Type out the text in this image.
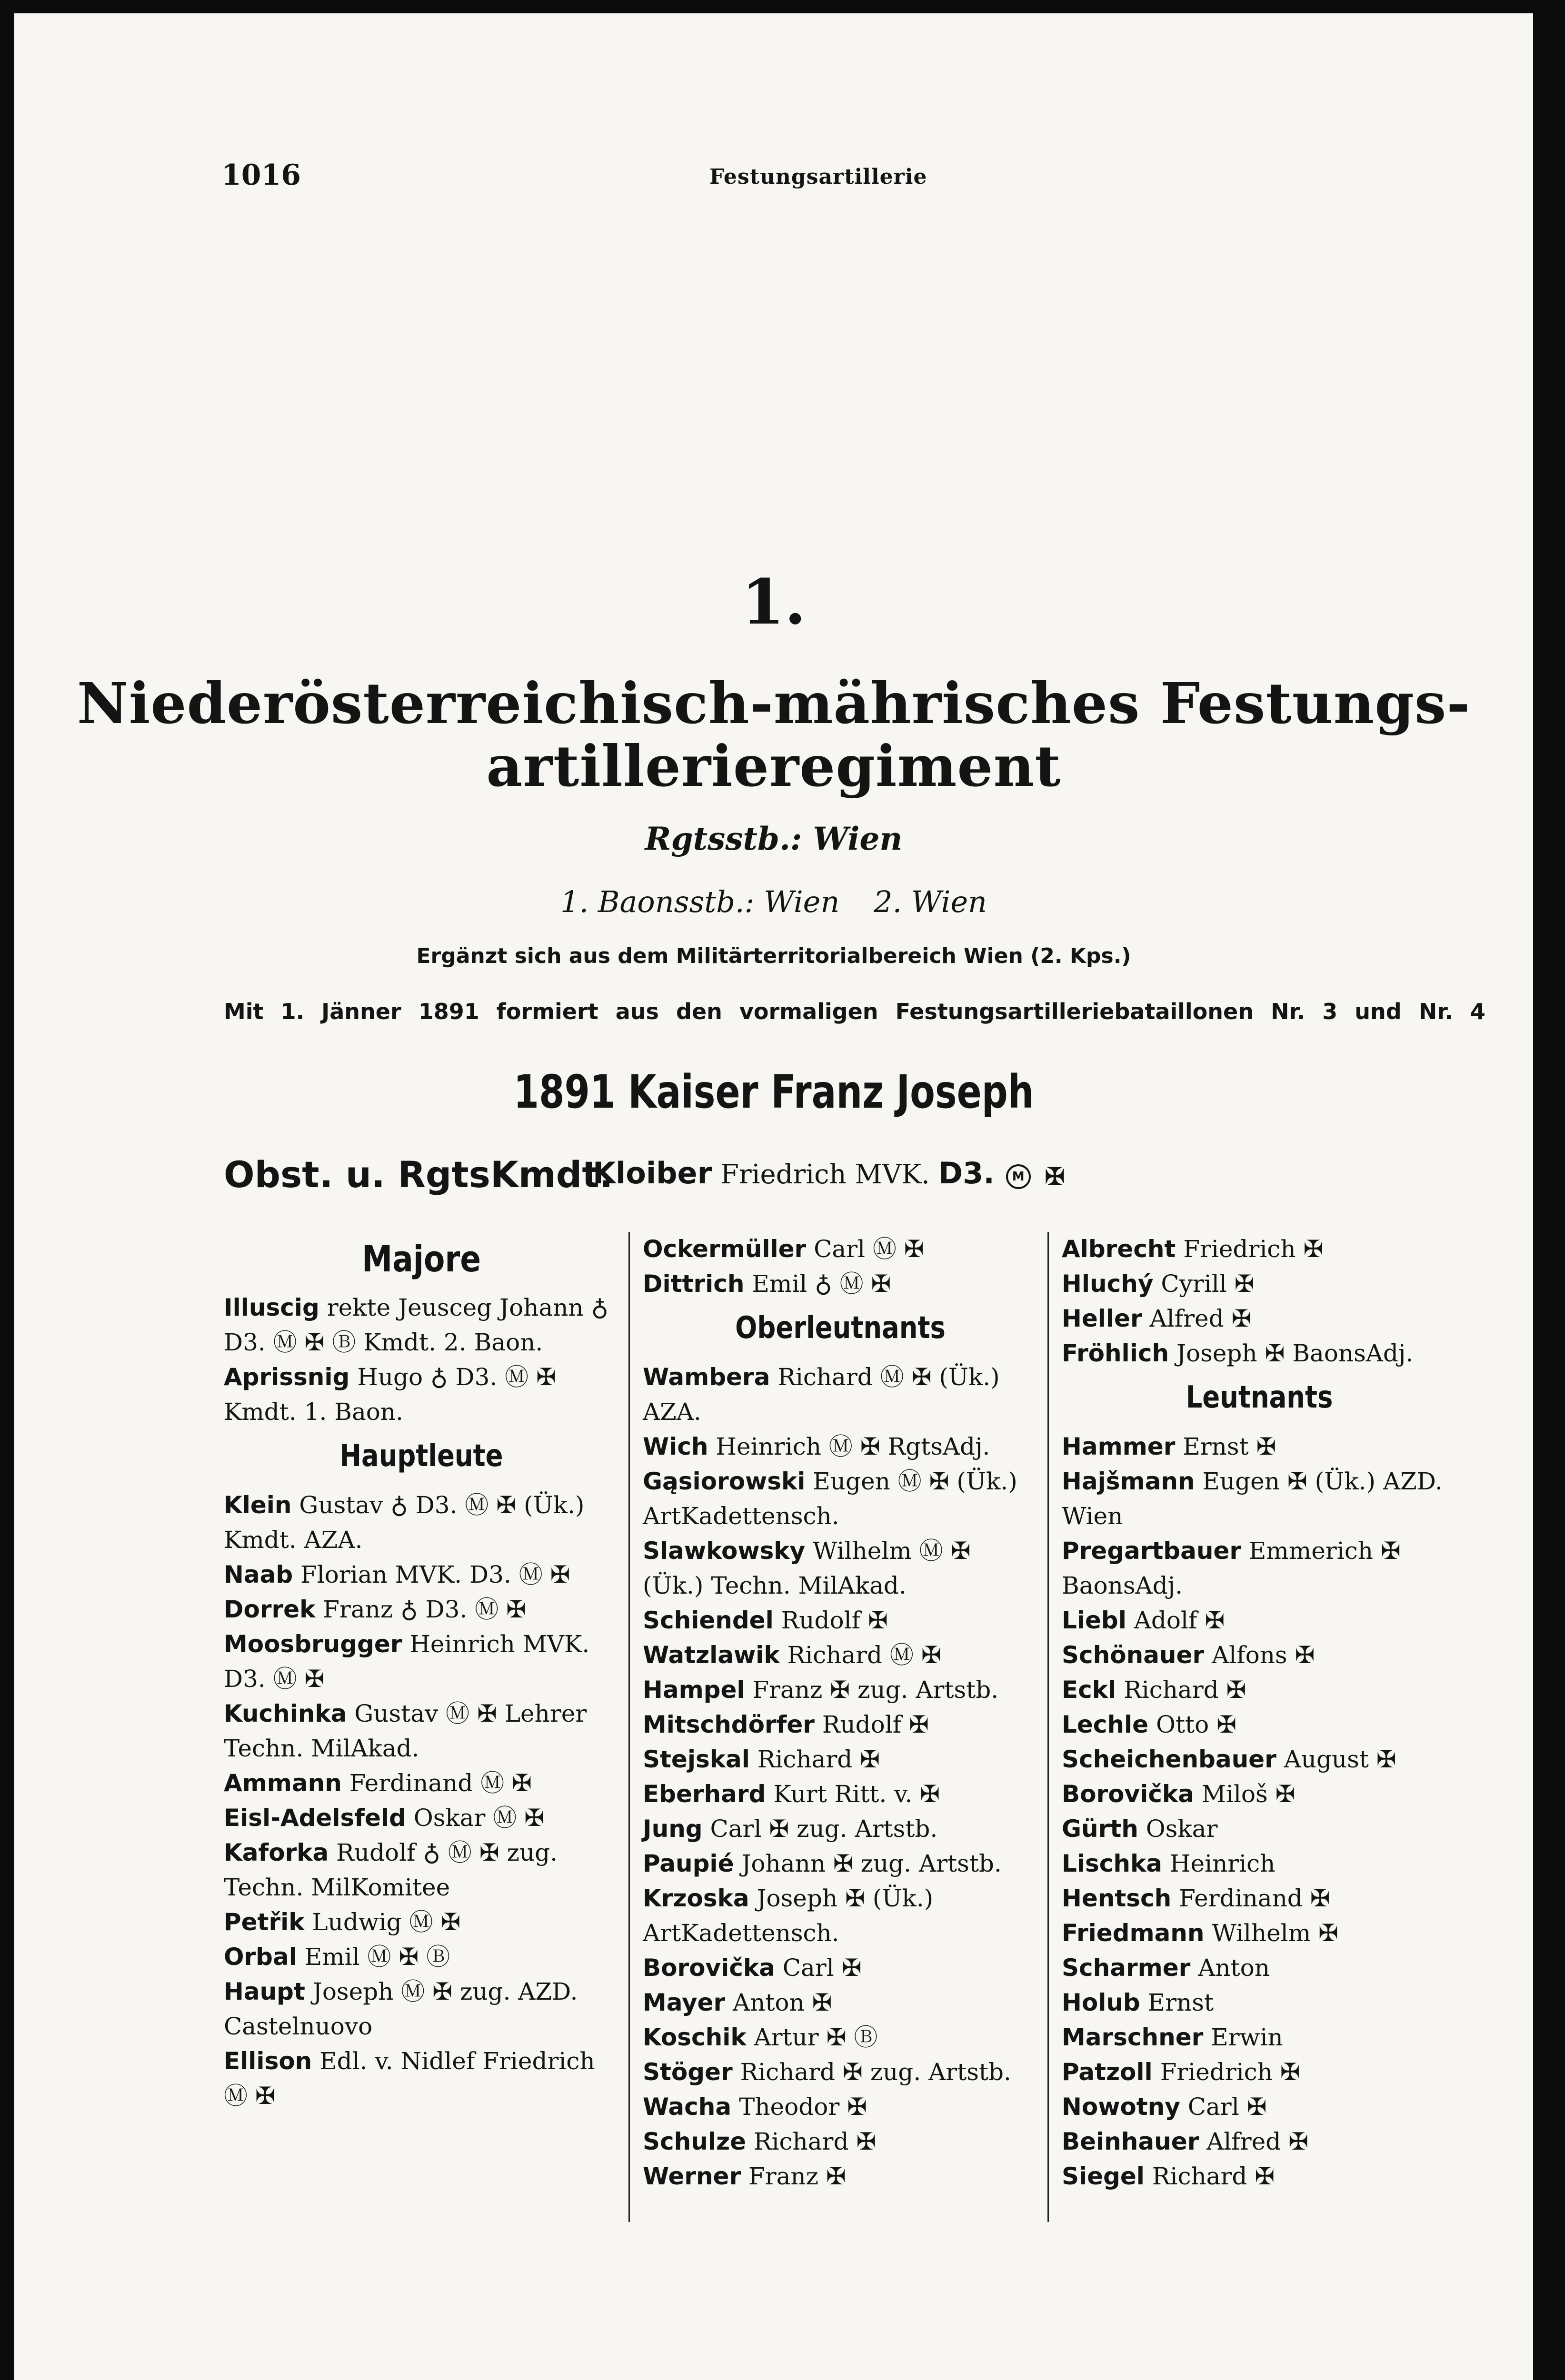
1016	Festungsartillerie
1.
Niederösterreichisch-mährisches Festungs-
artillerieregiment
Rgtsstb.: Wien
1. Baonsstb.: Wien 2. Wien
Ergänzt sich aus dem Militärterritorialbereich Wien (2. Kps.)
Mit 1. Jänner 1891 formiert aus den vormaligen Festungsartilleriebataillonen Nr. 3 und Nr. 4
1891 Kaiser Franz Joseph
Obst. u. RgtsKmdt.
Kloiber Friedrich MVK. D3. M ✠
Majore
Illuscig rekte Jeusceg Johann ♁ D3. Ⓜ ✠ Ⓑ Kmdt. 2. Baon.
Aprissnig Hugo ♁ D3. Ⓜ ✠ Kmdt. 1. Baon.
Hauptleute
Klein Gustav ♁ D3. Ⓜ ✠ (Ük.) Kmdt. AZA.
Naab Florian MVK. D3. Ⓜ ✠
Dorrek Franz ♁ D3. Ⓜ ✠
Moosbrugger Heinrich MVK. D3. Ⓜ ✠
Kuchinka Gustav Ⓜ ✠ Lehrer Techn. MilAkad.
Ammann Ferdinand Ⓜ ✠
Eisl-Adelsfeld Oskar Ⓜ ✠
Kaforka Rudolf ♁ Ⓜ ✠ zug. Techn. MilKomitee
Petřik Ludwig Ⓜ ✠
Orbal Emil Ⓜ ✠ Ⓑ
Haupt Joseph Ⓜ ✠ zug. AZD. Castelnuovo
Ellison Edl. v. Nidlef Friedrich Ⓜ ✠
Ockermüller Carl Ⓜ ✠
Dittrich Emil ♁ Ⓜ ✠
Oberleutnants
Wambera Richard Ⓜ ✠ (Ük.) AZA.
Wich Heinrich Ⓜ ✠ RgtsAdj.
Gąsiorowski Eugen Ⓜ ✠ (Ük.) ArtKadettensch.
Slawkowsky Wilhelm Ⓜ ✠ (Ük.) Techn. MilAkad.
Schiendel Rudolf ✠
Watzlawik Richard Ⓜ ✠
Hampel Franz ✠ zug. Artstb.
Mitschdörfer Rudolf ✠
Stejskal Richard ✠
Eberhard Kurt Ritt. v. ✠
Jung Carl ✠ zug. Artstb.
Paupié Johann ✠ zug. Artstb.
Krzoska Joseph ✠ (Ük.) ArtKadettensch.
Borovička Carl ✠
Mayer Anton ✠
Koschik Artur ✠ Ⓑ
Stöger Richard ✠ zug. Artstb.
Wacha Theodor ✠
Schulze Richard ✠
Werner Franz ✠
Albrecht Friedrich ✠
Hluchý Cyrill ✠
Heller Alfred ✠
Fröhlich Joseph ✠ BaonsAdj.
Leutnants
Hammer Ernst ✠
Hajšmann Eugen ✠ (Ük.) AZD. Wien
Pregartbauer Emmerich ✠ BaonsAdj.
Liebl Adolf ✠
Schönauer Alfons ✠
Eckl Richard ✠
Lechle Otto ✠
Scheichenbauer August ✠
Borovička Miloš ✠
Gürth Oskar
Lischka Heinrich
Hentsch Ferdinand ✠
Friedmann Wilhelm ✠
Scharmer Anton
Holub Ernst
Marschner Erwin
Patzoll Friedrich ✠
Nowotny Carl ✠
Beinhauer Alfred ✠
Siegel Richard ✠
